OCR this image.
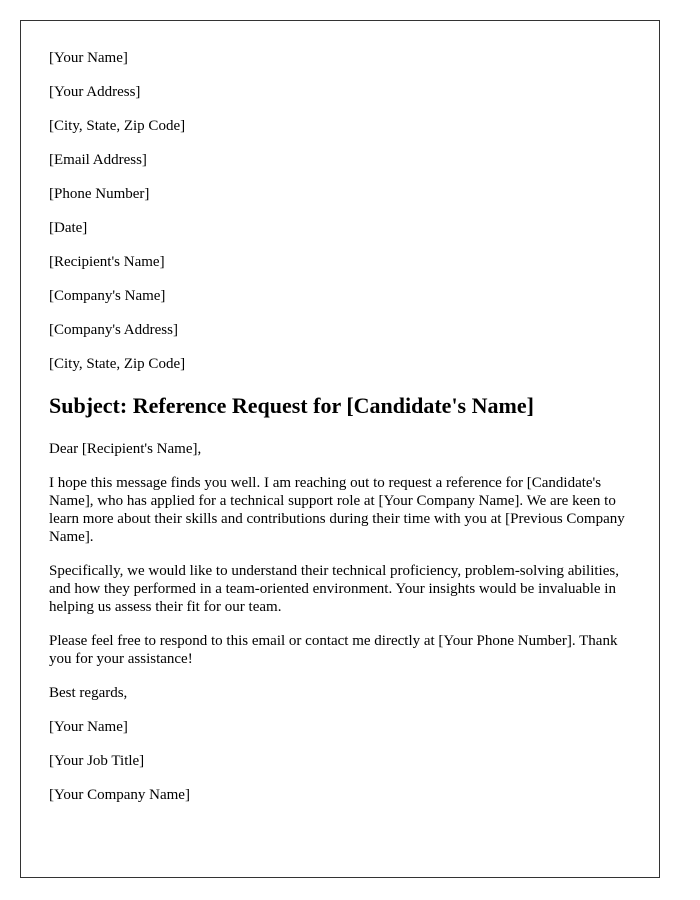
[Your Name]
[Your Address]
[City, State, Zip Code]
[Email Address]
[Phone Number]
[Date]
[Recipient's Name]
[Company's Name]
[Company's Address]
[City, State, Zip Code]
Subject: Reference Request for [Candidate's Name]
Dear [Recipient's Name],
I hope this message finds you well. I am reaching out to request a reference for [Candidate's Name], who has applied for a technical support role at [Your Company Name]. We are keen to learn more about their skills and contributions during their time with you at [Previous Company Name].
Specifically, we would like to understand their technical proficiency, problem-solving abilities, and how they performed in a team-oriented environment. Your insights would be invaluable in helping us assess their fit for our team.
Please feel free to respond to this email or contact me directly at [Your Phone Number]. Thank you for your assistance!
Best regards,
[Your Name]
[Your Job Title]
[Your Company Name]
